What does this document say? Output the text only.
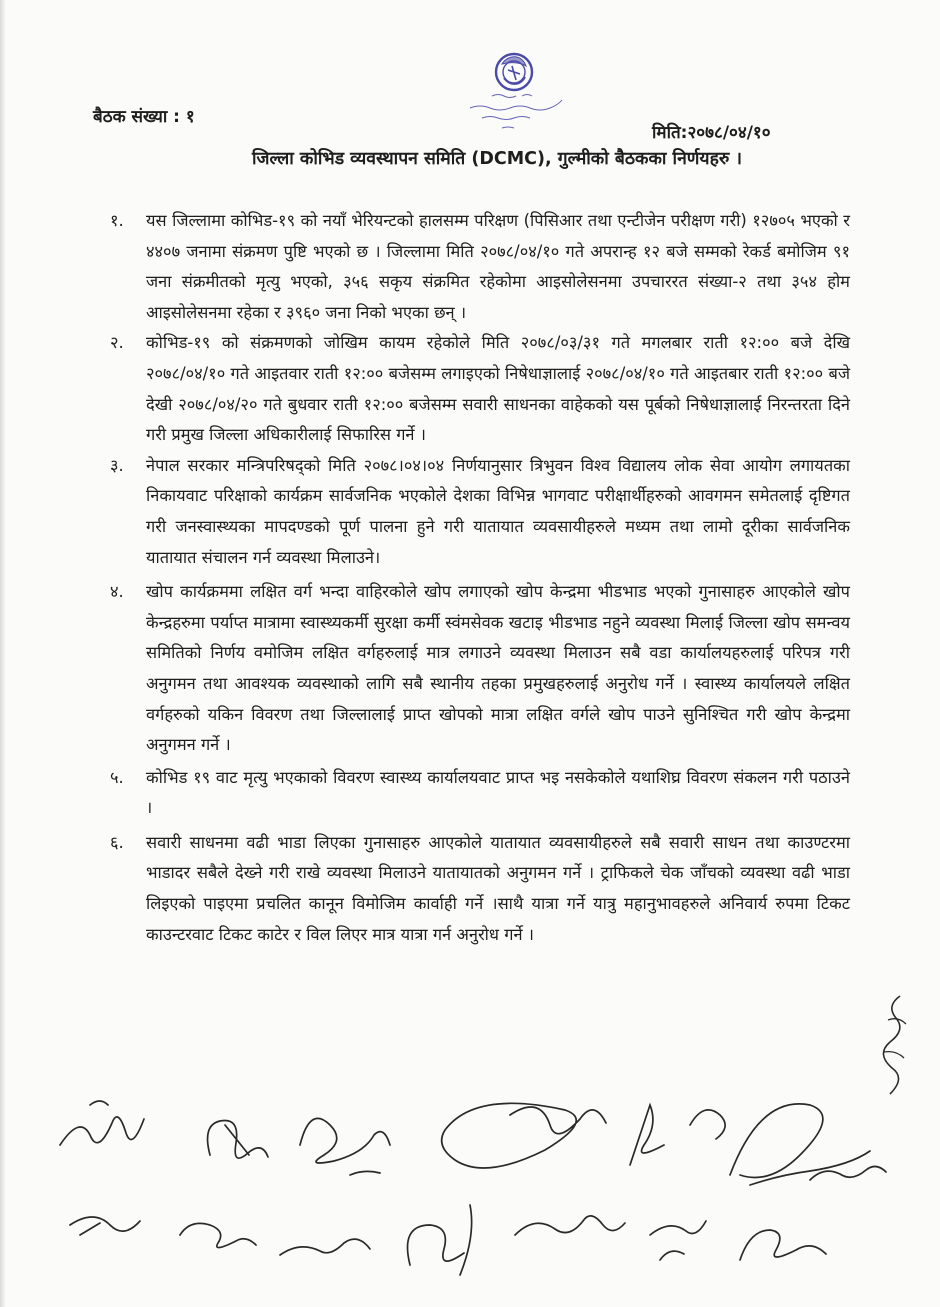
बैठक संख्या : १
मिति:२०७८/०४/१०
जिल्ला कोभिड व्यवस्थापन समिति (DCMC), गुल्मीको बैठकका निर्णयहरु ।
१.	यस जिल्लामा कोभिड-१९ को नयाँ भेरियन्टको हालसम्म परिक्षण (पिसिआर तथा एन्टीजेन परीक्षण गरी) १२७०५ भएको र ४४०७ जनामा संक्रमण पुष्टि भएको छ । जिल्लामा मिति २०७८/०४/१० गते अपरान्ह १२ बजे सम्मको रेकर्ड बमोजिम ९१ जना संक्रमीतको मृत्यु भएको, ३५६ सकृय संक्रमित रहेकोमा आइसोलेसनमा उपचाररत संख्या-२ तथा ३५४ होम आइसोलेसनमा रहेका र ३९६० जना निको भएका छन् ।
२.	कोभिड-१९ को संक्रमणको जोखिम कायम रहेकोले मिति २०७८/०३/३१ गते मगलबार राती १२:०० बजे देखि २०७८/०४/१० गते आइतवार राती १२:०० बजेसम्म लगाइएको निषेधाज्ञालाई २०७८/०४/१० गते आइतबार राती १२:०० बजे देखी २०७८/०४/२० गते बुधवार राती १२:०० बजेसम्म सवारी साधनका वाहेकको यस पूर्बको निषेधाज्ञालाई निरन्तरता दिने गरी प्रमुख जिल्ला अधिकारीलाई सिफारिस गर्ने ।
३.	नेपाल सरकार मन्त्रिपरिषद्को मिति २०७८।०४।०४ निर्णयानुसार त्रिभुवन विश्व विद्यालय लोक सेवा आयोग लगायतका निकायवाट परिक्षाको कार्यक्रम सार्वजनिक भएकोले देशका विभिन्न भागवाट परीक्षार्थीहरुको आवगमन समेतलाई दृष्टिगत गरी जनस्वास्थ्यका मापदण्डको पूर्ण पालना हुने गरी यातायात व्यवसायीहरुले मध्यम तथा लामो दूरीका सार्वजनिक यातायात संचालन गर्न व्यवस्था मिलाउने।
४.	खोप कार्यक्रममा लक्षित वर्ग भन्दा वाहिरकोले खोप लगाएको खोप केन्द्रमा भीडभाड भएको गुनासाहरु आएकोले खोप केन्द्रहरुमा पर्याप्त मात्रामा स्वास्थ्यकर्मी सुरक्षा कर्मी स्वंमसेवक खटाइ भीडभाड नहुने व्यवस्था मिलाई जिल्ला खोप समन्वय समितिको निर्णय वमोजिम लक्षित वर्गहरुलाई मात्र लगाउने व्यवस्था मिलाउन सबै वडा कार्यालयहरुलाई परिपत्र गरी अनुगमन तथा आवश्यक व्यवस्थाको लागि सबै स्थानीय तहका प्रमुखहरुलाई अनुरोध गर्ने । स्वास्थ्य कार्यालयले लक्षित वर्गहरुको यकिन विवरण तथा जिल्लालाई प्राप्त खोपको मात्रा लक्षित वर्गले खोप पाउने सुनिश्चित गरी खोप केन्द्रमा अनुगमन गर्ने ।
५.	कोभिड १९ वाट मृत्यु भएकाको विवरण स्वास्थ्य कार्यालयवाट प्राप्त भइ नसकेकोले यथाशिघ्र विवरण संकलन गरी पठाउने ।
६.	सवारी साधनमा वढी भाडा लिएका गुनासाहरु आएकोले यातायात व्यवसायीहरुले सबै सवारी साधन तथा काउण्टरमा भाडादर सबैले देख्ने गरी राखे व्यवस्था मिलाउने यातायातको अनुगमन गर्ने । ट्राफिकले चेक जाँचको व्यवस्था वढी भाडा लिइएको पाइएमा प्रचलित कानून विमोजिम कार्वाही गर्ने ।साथै यात्रा गर्ने यात्रु महानुभावहरुले अनिवार्य रुपमा टिकट काउन्टरवाट टिकट काटेर र विल लिएर मात्र यात्रा गर्न अनुरोध गर्ने ।
